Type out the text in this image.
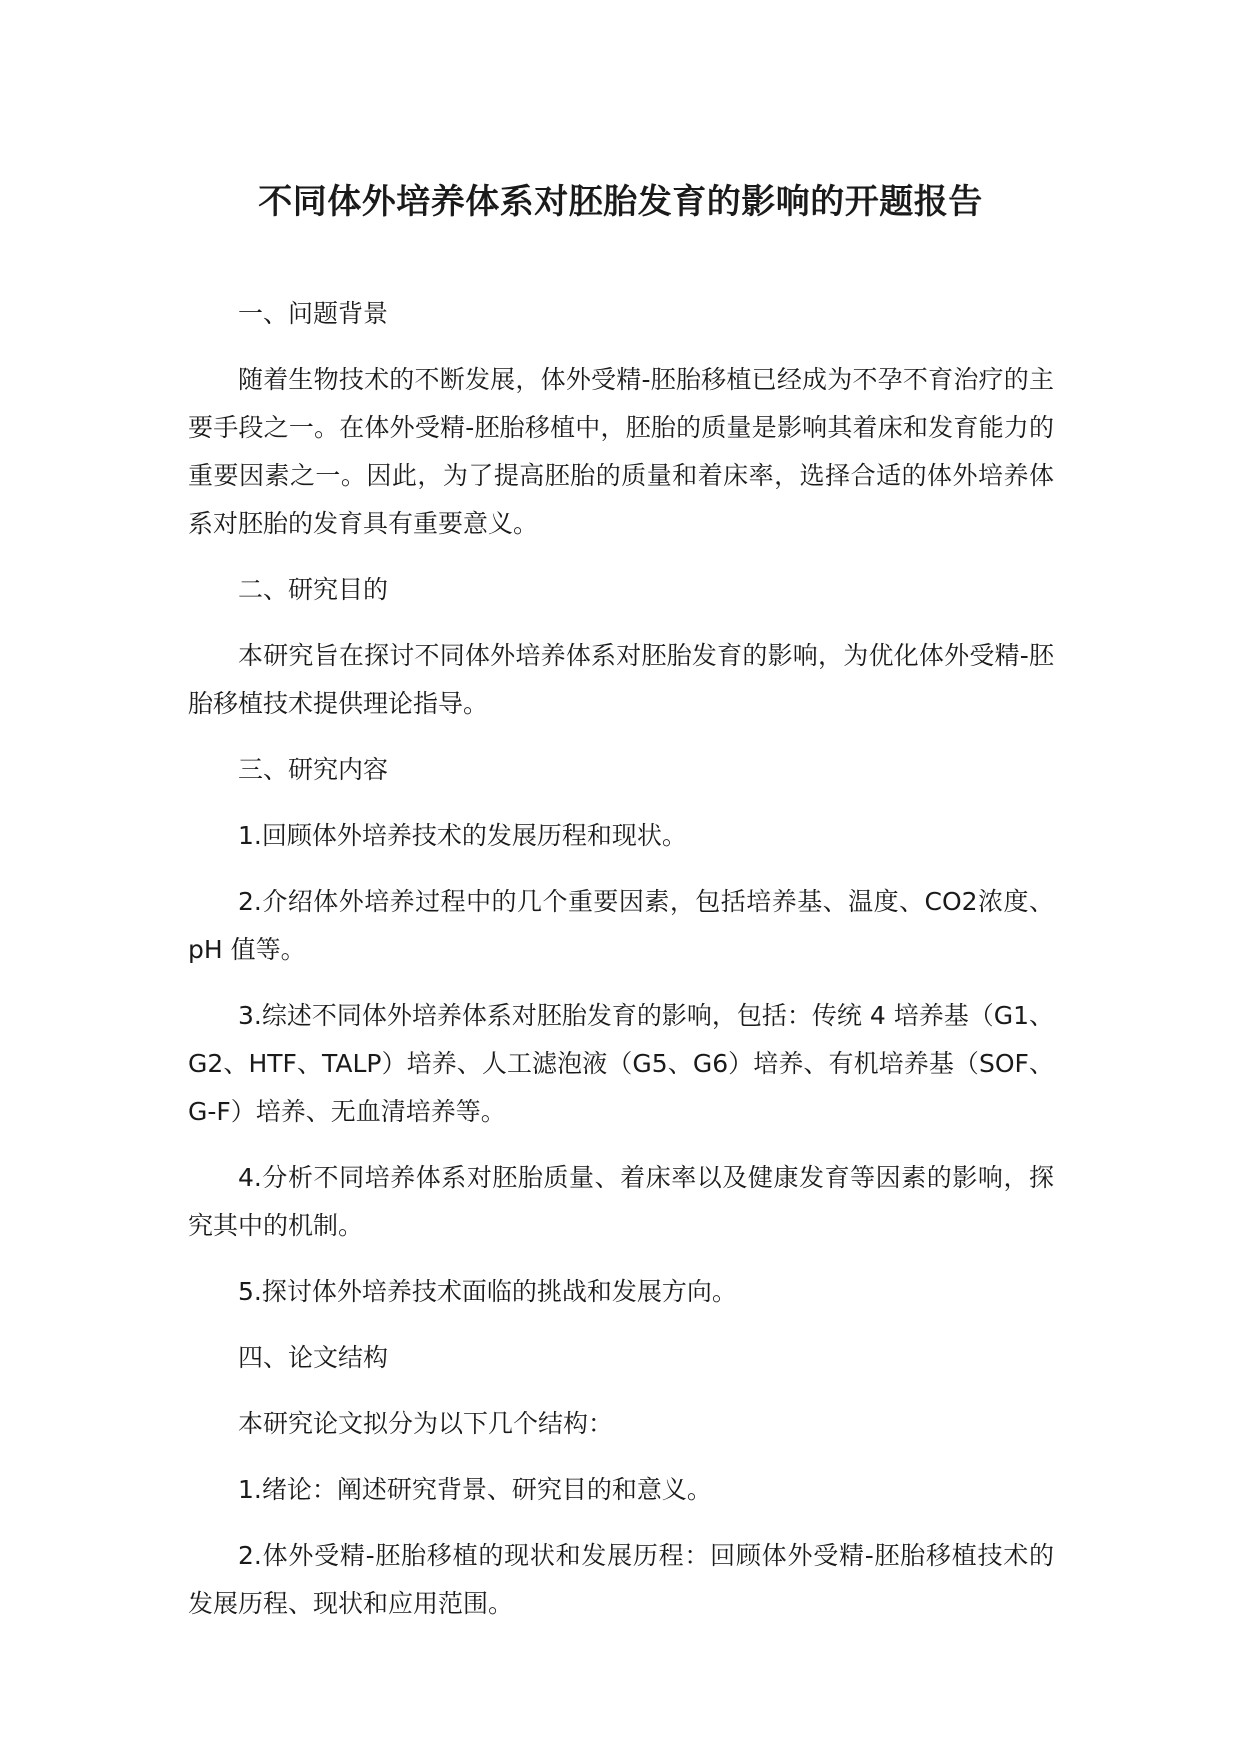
不同体外培养体系对胚胎发育的影响的开题报告

一、问题背景

随着生物技术的不断发展，体外受精-胚胎移植已经成为不孕不育治疗的主要手段之一。在体外受精-胚胎移植中，胚胎的质量是影响其着床和发育能力的重要因素之一。因此，为了提高胚胎的质量和着床率，选择合适的体外培养体系对胚胎的发育具有重要意义。

二、研究目的

本研究旨在探讨不同体外培养体系对胚胎发育的影响，为优化体外受精-胚胎移植技术提供理论指导。

三、研究内容

1.回顾体外培养技术的发展历程和现状。

2.介绍体外培养过程中的几个重要因素，包括培养基、温度、CO2浓度、pH 值等。

3.综述不同体外培养体系对胚胎发育的影响，包括：传统 4 培养基（G1、G2、HTF、TALP）培养、人工滤泡液（G5、G6）培养、有机培养基（SOF、G-F）培养、无血清培养等。

4.分析不同培养体系对胚胎质量、着床率以及健康发育等因素的影响，探究其中的机制。

5.探讨体外培养技术面临的挑战和发展方向。

四、论文结构

本研究论文拟分为以下几个结构：

1.绪论：阐述研究背景、研究目的和意义。

2.体外受精-胚胎移植的现状和发展历程：回顾体外受精-胚胎移植技术的发展历程、现状和应用范围。
